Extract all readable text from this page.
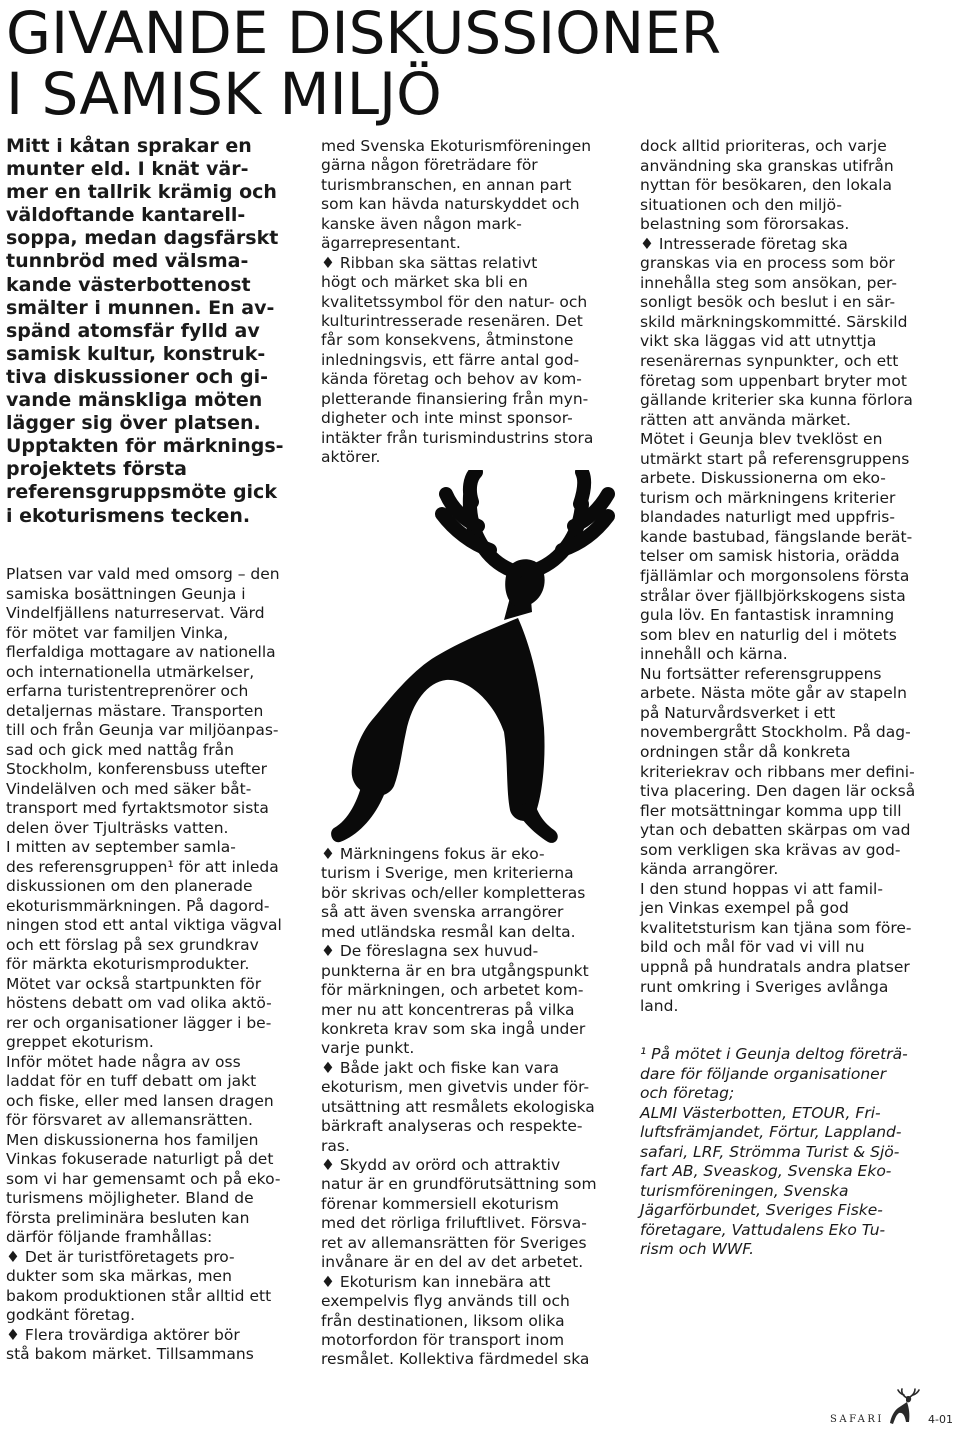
GIVANDE DISKUSSIONER
I SAMISK MILJÖ
Mitt i kåtan sprakar en
munter eld. I knät vär-
mer en tallrik krämig och
väldoftande kantarell-
soppa, medan dagsfärskt
tunnbröd med välsma-
kande västerbottenost
smälter i munnen. En av-
spänd atomsfär fylld av
samisk kultur, konstruk-
tiva diskussioner och gi-
vande mänskliga möten
lägger sig över platsen.
Upptakten för märknings-
projektets första
referensgruppsmöte gick
i ekoturismens tecken.
Platsen var vald med omsorg – den
samiska bosättningen Geunja i
Vindelfjällens naturreservat. Värd
för mötet var familjen Vinka,
flerfaldiga mottagare av nationella
och internationella utmärkelser,
erfarna turistentreprenörer och
detaljernas mästare. Transporten
till och från Geunja var miljöanpas-
sad och gick med nattåg från
Stockholm, konferensbuss utefter
Vindelälven och med säker båt-
transport med fyrtaktsmotor sista
delen över Tjulträsks vatten.
I mitten av september samla-
des referensgruppen¹ för att inleda
diskussionen om den planerade
ekoturismmärkningen. På dagord-
ningen stod ett antal viktiga vägval
och ett förslag på sex grundkrav
för märkta ekoturismprodukter.
Mötet var också startpunkten för
höstens debatt om vad olika aktö-
rer och organisationer lägger i be-
greppet ekoturism.
Inför mötet hade några av oss
laddat för en tuff debatt om jakt
och fiske, eller med lansen dragen
för försvaret av allemansrätten.
Men diskussionerna hos familjen
Vinkas fokuserade naturligt på det
som vi har gemensamt och på eko-
turismens möjligheter. Bland de
första preliminära besluten kan
därför följande framhållas:
♦ Det är turistföretagets pro-
dukter som ska märkas, men
bakom produktionen står alltid ett
godkänt företag.
♦ Flera trovärdiga aktörer bör
stå bakom märket. Tillsammans
med Svenska Ekoturismföreningen
gärna någon företrädare för
turismbranschen, en annan part
som kan hävda naturskyddet och
kanske även någon mark-
ägarrepresentant.
♦ Ribban ska sättas relativt
högt och märket ska bli en
kvalitetssymbol för den natur- och
kulturintresserade resenären. Det
får som konsekvens, åtminstone
inledningsvis, ett färre antal god-
kända företag och behov av kom-
pletterande finansiering från myn-
digheter och inte minst sponsor-
intäkter från turismindustrins stora
aktörer.
♦ Märkningens fokus är eko-
turism i Sverige, men kriterierna
bör skrivas och/eller kompletteras
så att även svenska arrangörer
med utländska resmål kan delta.
♦ De föreslagna sex huvud-
punkterna är en bra utgångspunkt
för märkningen, och arbetet kom-
mer nu att koncentreras på vilka
konkreta krav som ska ingå under
varje punkt.
♦ Både jakt och fiske kan vara
ekoturism, men givetvis under för-
utsättning att resmålets ekologiska
bärkraft analyseras och respekte-
ras.
♦ Skydd av orörd och attraktiv
natur är en grundförutsättning som
förenar kommersiell ekoturism
med det rörliga friluftlivet. Försva-
ret av allemansrätten för Sveriges
invånare är en del av det arbetet.
♦ Ekoturism kan innebära att
exempelvis flyg används till och
från destinationen, liksom olika
motorfordon för transport inom
resmålet. Kollektiva färdmedel ska
dock alltid prioriteras, och varje
användning ska granskas utifrån
nyttan för besökaren, den lokala
situationen och den miljö-
belastning som förorsakas.
♦ Intresserade företag ska
granskas via en process som bör
innehålla steg som ansökan, per-
sonligt besök och beslut i en sär-
skild märkningskommitté. Särskild
vikt ska läggas vid att utnyttja
resenärernas synpunkter, och ett
företag som uppenbart bryter mot
gällande kriterier ska kunna förlora
rätten att använda märket.
Mötet i Geunja blev tveklöst en
utmärkt start på referensgruppens
arbete. Diskussionerna om eko-
turism och märkningens kriterier
blandades naturligt med uppfris-
kande bastubad, fängslande berät-
telser om samisk historia, orädda
fjällämlar och morgonsolens första
strålar över fjällbjörkskogens sista
gula löv. En fantastisk inramning
som blev en naturlig del i mötets
innehåll och kärna.
Nu fortsätter referensgruppens
arbete. Nästa möte går av stapeln
på Naturvårdsverket i ett
novembergrått Stockholm. På dag-
ordningen står då konkreta
kriteriekrav och ribbans mer defini-
tiva placering. Den dagen lär också
fler motsättningar komma upp till
ytan och debatten skärpas om vad
som verkligen ska krävas av god-
kända arrangörer.
I den stund hoppas vi att famil-
jen Vinkas exempel på god
kvalitetsturism kan tjäna som före-
bild och mål för vad vi vill nu
uppnå på hundratals andra platser
runt omkring i Sveriges avlånga
land.
¹ På mötet i Geunja deltog företrä-
dare för följande organisationer
och företag;
ALMI Västerbotten, ETOUR, Fri-
luftsfrämjandet, Förtur, Lappland-
safari, LRF, Strömma Turist & Sjö-
fart AB, Sveaskog, Svenska Eko-
turismföreningen, Svenska
Jägarförbundet, Sveriges Fiske-
företagare, Vattudalens Eko Tu-
rism och WWF.
SAFARI	4-01
